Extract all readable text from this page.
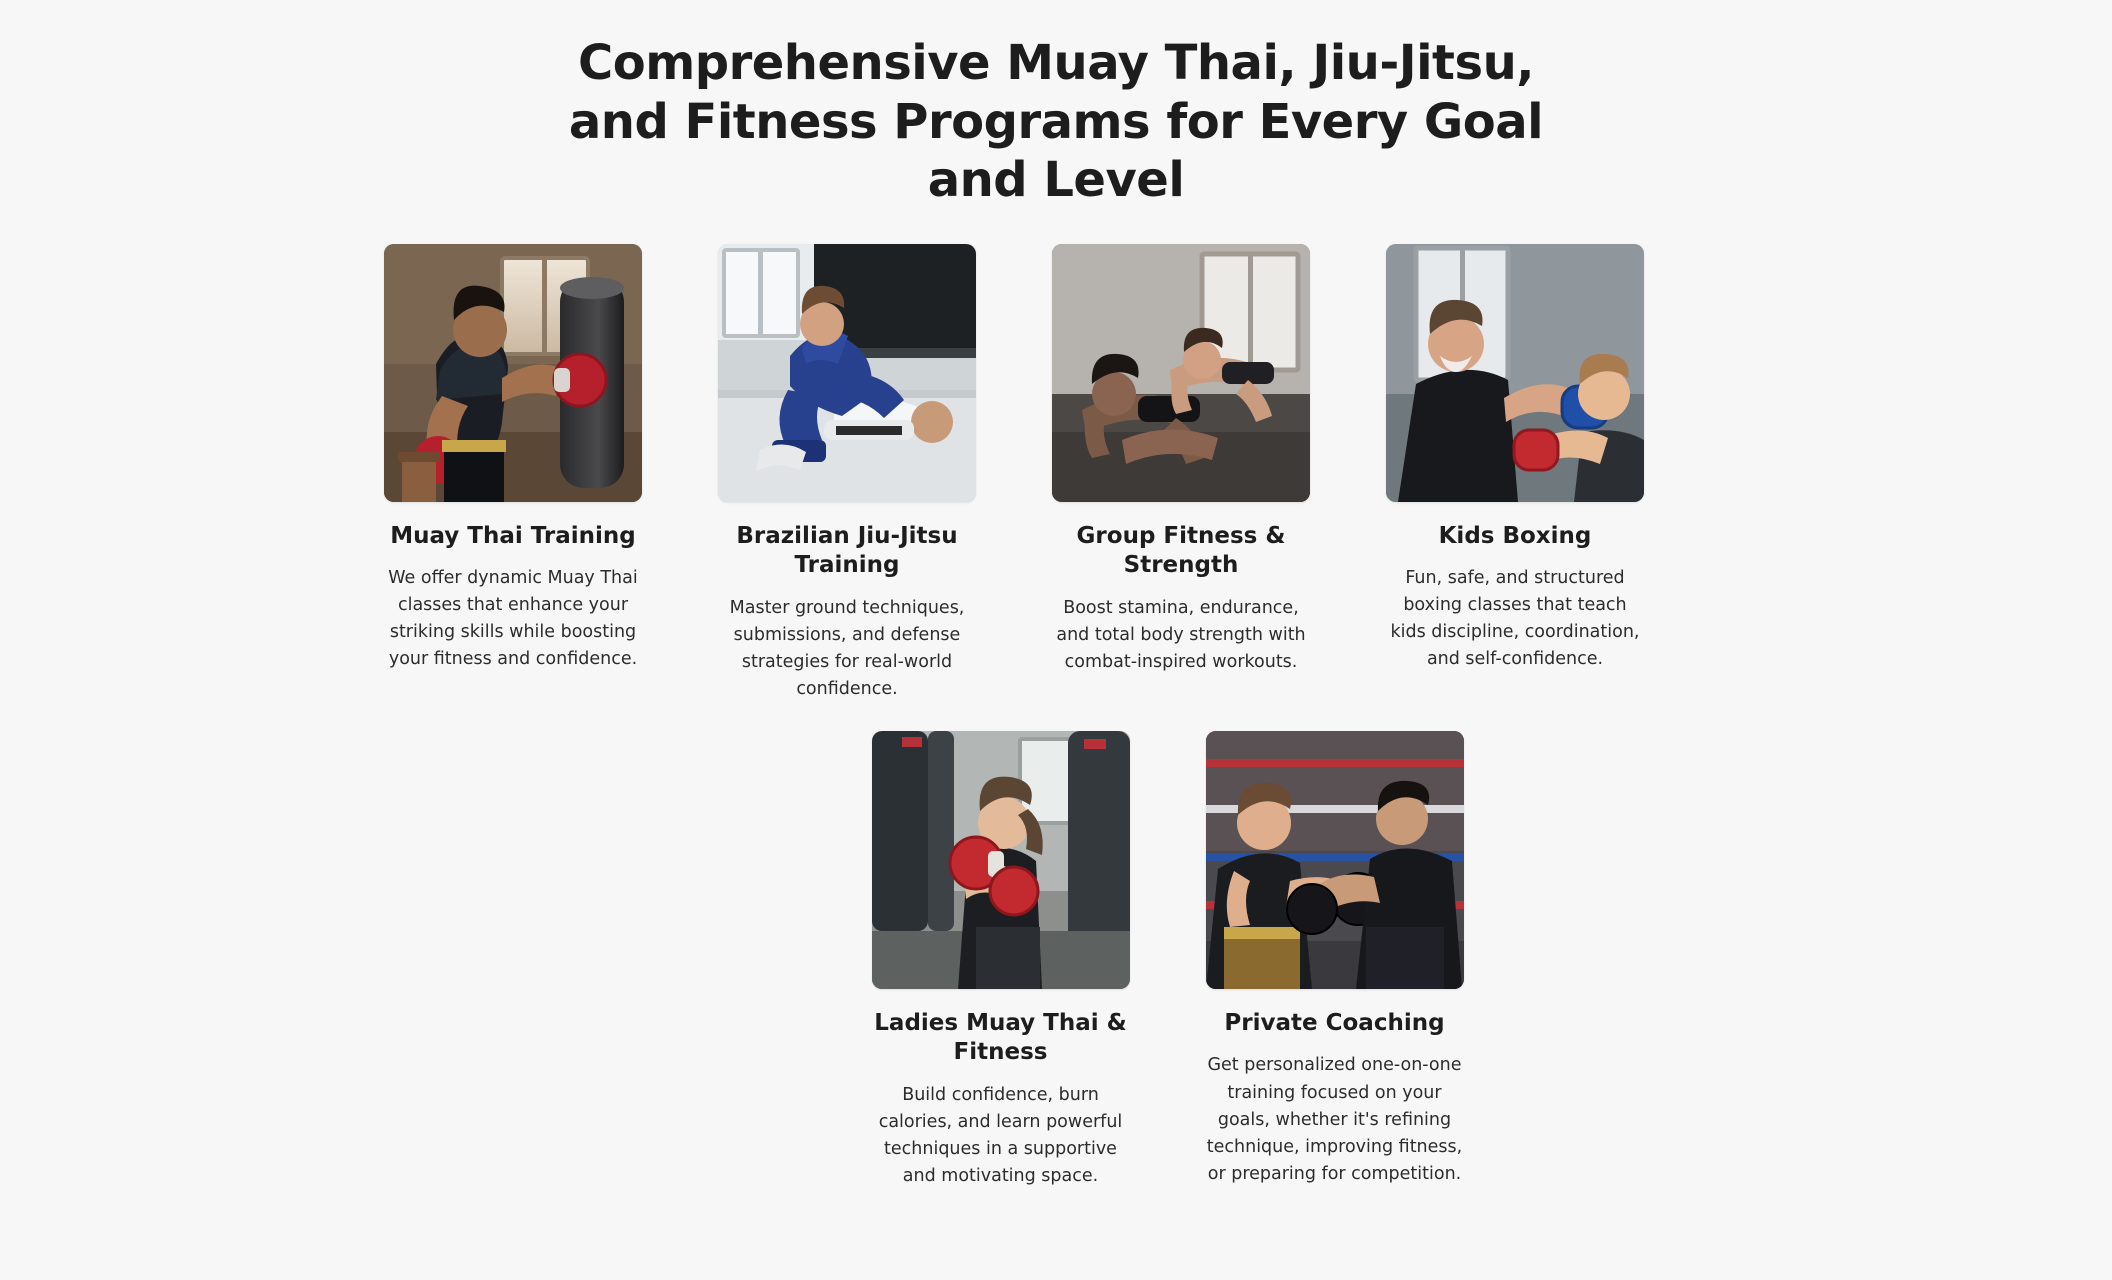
Comprehensive Muay Thai, Jiu-Jitsu, and Fitness Programs for Every Goal and Level
Muay Thai Training
We offer dynamic Muay Thai classes that enhance your striking skills while boosting your fitness and confidence.
Brazilian Jiu-Jitsu Training
Master ground techniques, submissions, and defense strategies for real-world confidence.
Group Fitness & Strength
Boost stamina, endurance, and total body strength with combat-inspired workouts.
Kids Boxing
Fun, safe, and structured boxing classes that teach kids discipline, coordination, and self-confidence.
Ladies Muay Thai & Fitness
Build confidence, burn calories, and learn powerful techniques in a supportive and motivating space.
Private Coaching
Get personalized one-on-one training focused on your goals, whether it's refining technique, improving fitness, or preparing for competition.
